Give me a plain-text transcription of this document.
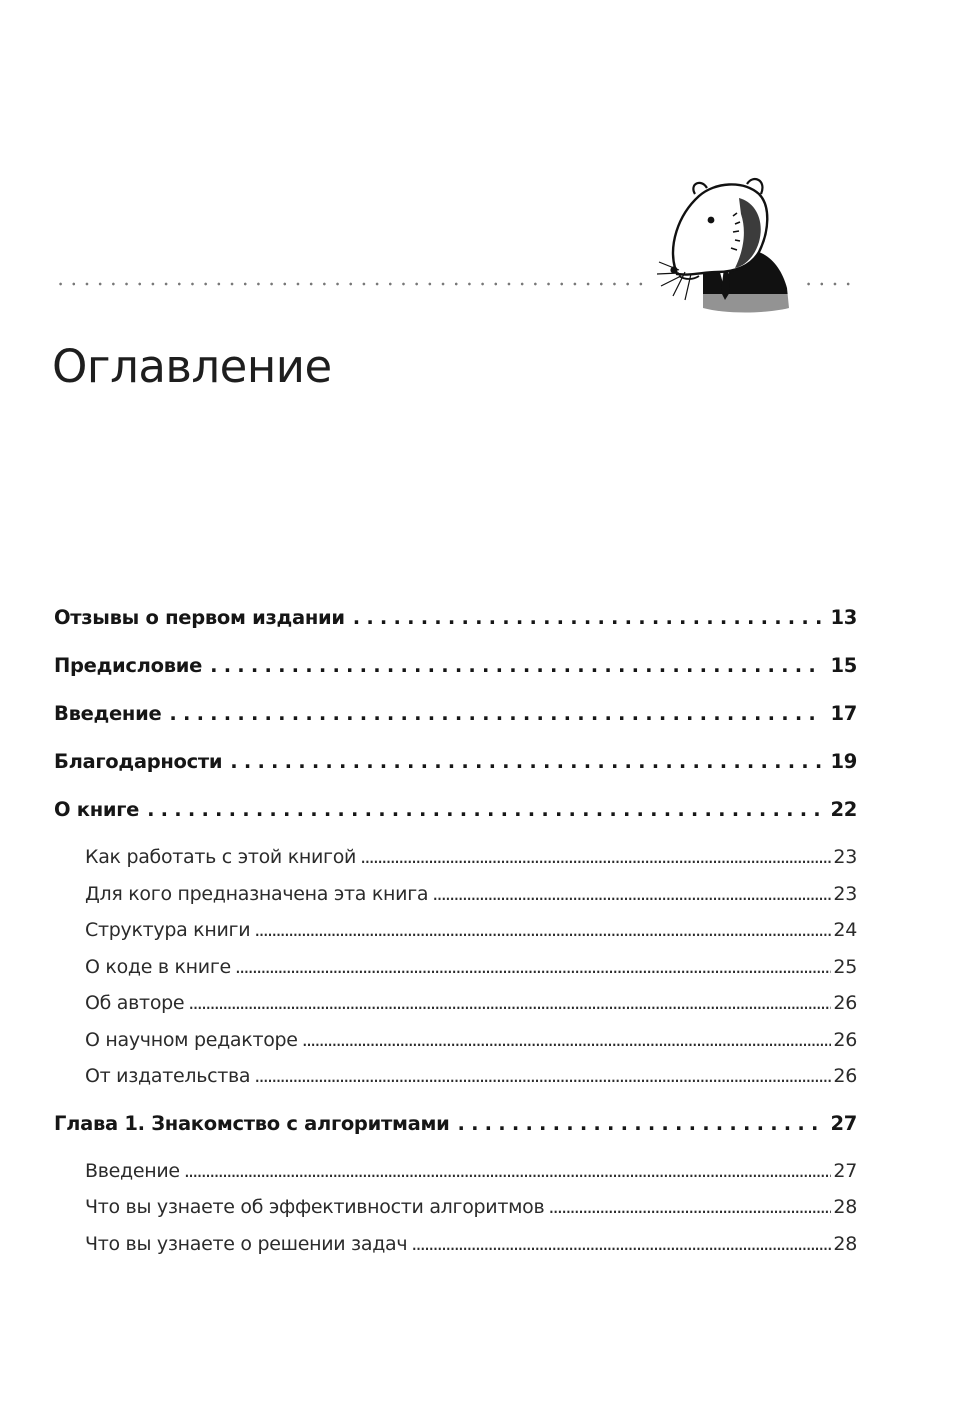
Оглавление
Отзывы о первом издании . . .	13
Предисловие . . .	15
Введение . . .	17
Благодарности . . .	19
О книге . . .	22
Как работать с этой книгой .....	23
Для кого предназначена эта книга .....	23
Структура книги .....	24
О коде в книге .....	25
Об авторе .....	26
О научном редакторе .....	26
От издательства .....	26
Глава 1. Знакомство с алгоритмами . . .	27
Введение .....	27
Что вы узнаете об эффективности алгоритмов .....	28
Что вы узнаете о решении задач .....	28
